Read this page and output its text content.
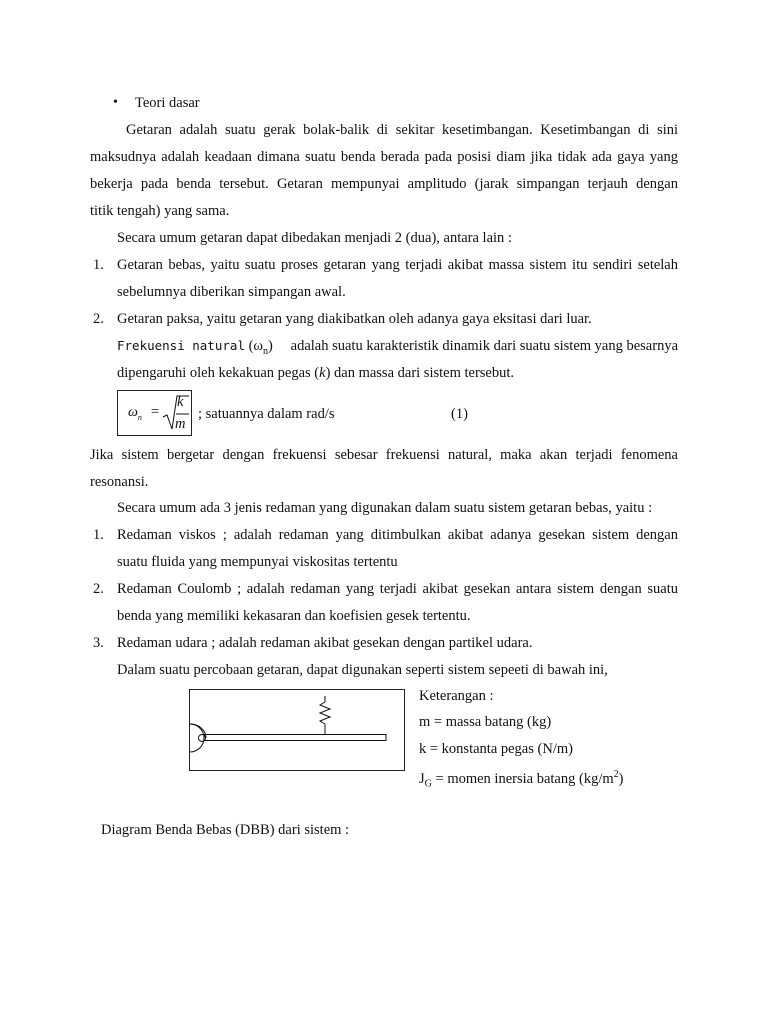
• Teori dasar
Getaran adalah suatu gerak bolak-balik di sekitar kesetimbangan. Kesetimbangan di sini
maksudnya adalah keadaan dimana suatu benda berada pada posisi diam jika tidak ada gaya yang
bekerja pada benda tersebut. Getaran mempunyai amplitudo (jarak simpangan terjauh dengan
titik tengah) yang sama.
Secara umum getaran dapat dibedakan menjadi 2 (dua), antara lain :
1. Getaran bebas, yaitu suatu proses getaran yang terjadi akibat massa sistem itu sendiri setelah
sebelumnya diberikan simpangan awal.
2. Getaran paksa, yaitu getaran yang diakibatkan oleh adanya gaya eksitasi dari luar.
Frekuensi natural $(\omega_n)$ adalah suatu karakteristik dinamik dari suatu sistem yang besarnya
dipengaruhi oleh kekakuan pegas (k) dan massa dari sistem tersebut.
$\omega_n$ =
k
m
; satuannya dalam rad/s	(1)
Jika sistem bergetar dengan frekuensi sebesar frekuensi natural, maka akan terjadi fenomena
resonansi.
Secara umum ada 3 jenis redaman yang digunakan dalam suatu sistem getaran bebas, yaitu :
1. Redaman viskos ; adalah redaman yang ditimbulkan akibat adanya gesekan sistem dengan
suatu fluida yang mempunyai viskositas tertentu
2. Redaman Coulomb ; adalah redaman yang terjadi akibat gesekan antara sistem dengan suatu
benda yang memiliki kekasaran dan koefisien gesek tertentu.
3. Redaman udara ; adalah redaman akibat gesekan dengan partikel udara.
Dalam suatu percobaan getaran, dapat digunakan seperti sistem sepeeti di bawah ini,
Keterangan :
m = massa batang (kg)
k = konstanta pegas (N/m)
$J_G$ = momen inersia batang $(kg/m^2)$
Diagram Benda Bebas (DBB) dari sistem :
